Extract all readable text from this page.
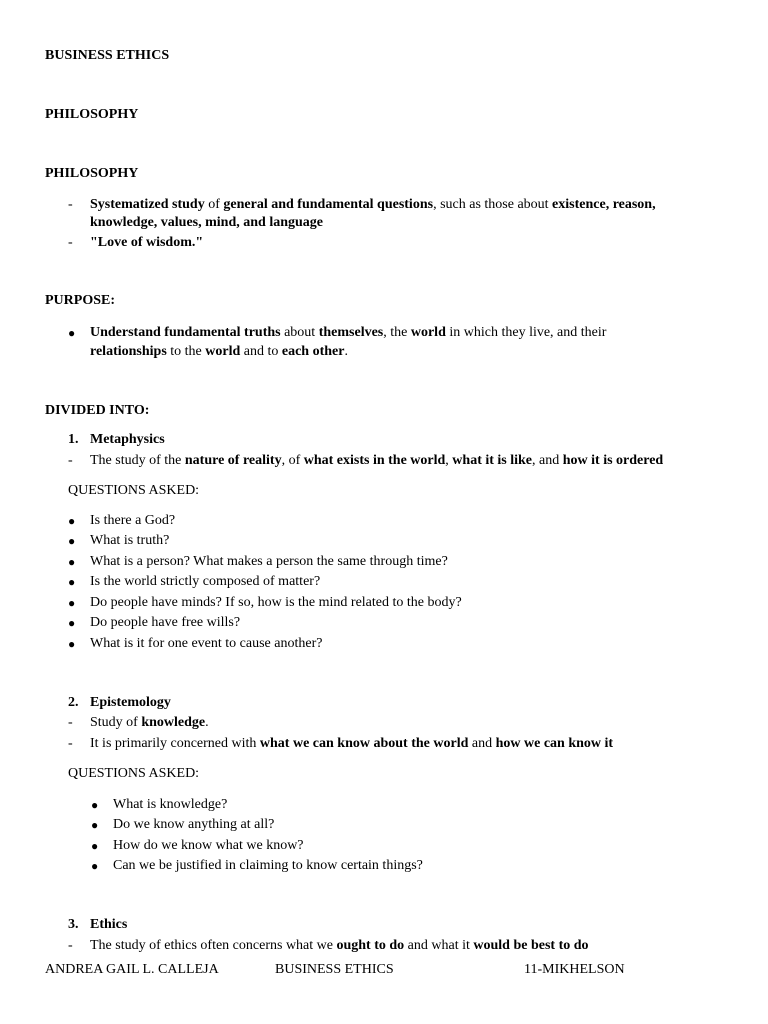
BUSINESS ETHICS
PHILOSOPHY
PHILOSOPHY
-	Systematized study of general and fundamental questions, such as those about existence, reason,
knowledge, values, mind, and language
-	"Love of wisdom."
PURPOSE:
● Understand fundamental truths about themselves, the world in which they live, and their
relationships to the world and to each other.
DIVIDED INTO:
1. Metaphysics
-	The study of the nature of reality, of what exists in the world, what it is like, and how it is ordered
QUESTIONS ASKED:
● Is there a God?
● What is truth?
● What is a person? What makes a person the same through time?
● Is the world strictly composed of matter?
● Do people have minds? If so, how is the mind related to the body?
● Do people have free wills?
● What is it for one event to cause another?
2. Epistemology
-	Study of knowledge.
-	It is primarily concerned with what we can know about the world and how we can know it
QUESTIONS ASKED:
● What is knowledge?
● Do we know anything at all?
● How do we know what we know?
● Can we be justified in claiming to know certain things?
3. Ethics
-	The study of ethics often concerns what we ought to do and what it would be best to do
ANDREA GAIL L. CALLEJA	BUSINESS ETHICS	11-MIKHELSON
